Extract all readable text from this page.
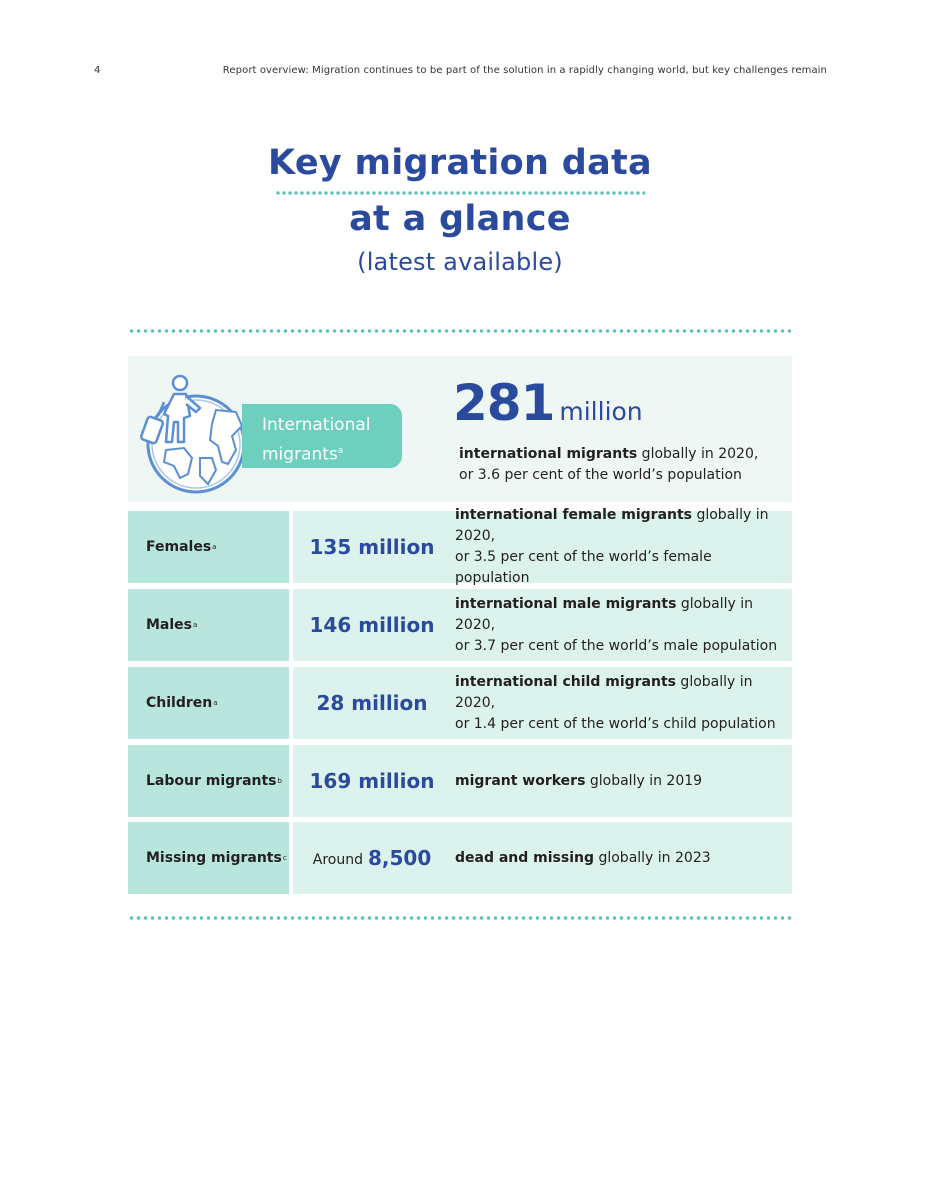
4	Report overview: Migration continues to be part of the solution in a rapidly changing world, but key challenges remain
Key migration data
at a glance
(latest available)
International
migrants$^a$
281 million
international migrants globally in 2020,
or 3.6 per cent of the world’s population
Females a	135 million
international female migrants globally in 2020,
or 3.5 per cent of the world’s female population
Males a	146 million
international male migrants globally in 2020,
or 3.7 per cent of the world’s male population
Children a	28 million
international child migrants globally in 2020,
or 1.4 per cent of the world’s child population
Labour migrants b 169 million migrant workers globally in 2019
Missing migrants c Around 8,500 dead and missing globally in 2023
